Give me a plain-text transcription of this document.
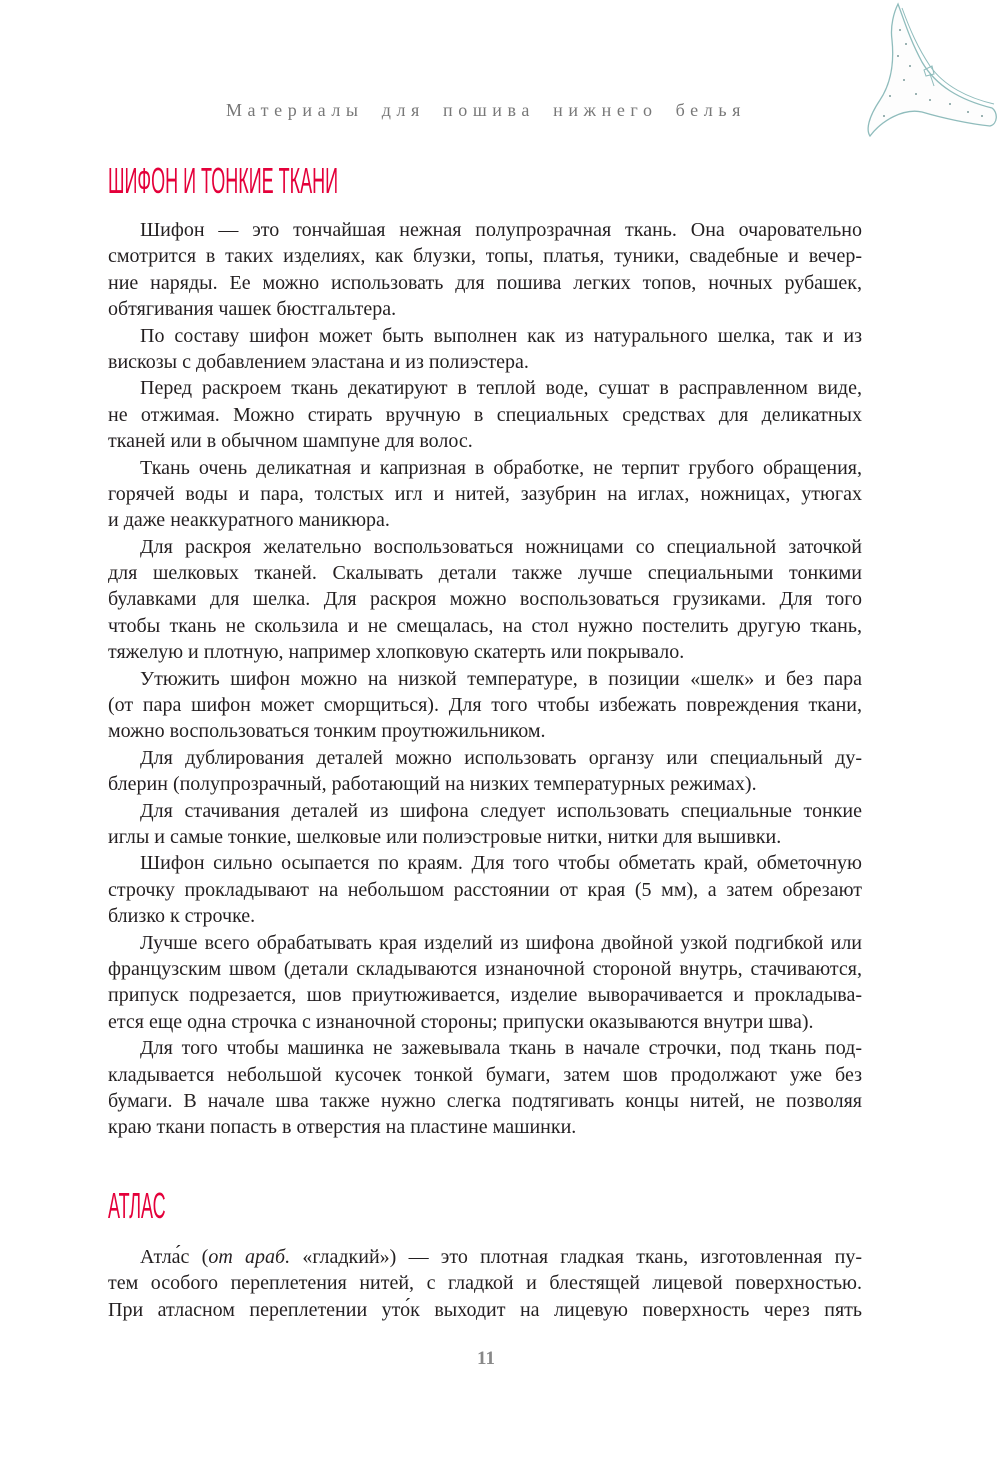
Материалы для пошива нижнего белья
ШИФОН И ТОНКИЕ ТКАНИ
Шифон — это тончайшая нежная полупрозрачная ткань. Она очаровательно
смотрится в таких изделиях, как блузки, топы, платья, туники, свадебные и вечер-
ние наряды. Ее можно использовать для пошива легких топов, ночных рубашек,
обтягивания чашек бюстгальтера.
По составу шифон может быть выполнен как из натурального шелка, так и из
вискозы с добавлением эластана и из полиэстера.
Перед раскроем ткань декатируют в теплой воде, сушат в расправленном виде,
не отжимая. Можно стирать вручную в специальных средствах для деликатных
тканей или в обычном шампуне для волос.
Ткань очень деликатная и капризная в обработке, не терпит грубого обращения,
горячей воды и пара, толстых игл и нитей, зазубрин на иглах, ножницах, утюгах
и даже неаккуратного маникюра.
Для раскроя желательно воспользоваться ножницами со специальной заточкой
для шелковых тканей. Скалывать детали также лучше специальными тонкими
булавками для шелка. Для раскроя можно воспользоваться грузиками. Для того
чтобы ткань не скользила и не смещалась, на стол нужно постелить другую ткань,
тяжелую и плотную, например хлопковую скатерть или покрывало.
Утюжить шифон можно на низкой температуре, в позиции «шелк» и без пара
(от пара шифон может сморщиться). Для того чтобы избежать повреждения ткани,
можно воспользоваться тонким проутюжильником.
Для дублирования деталей можно использовать органзу или специальный ду-
блерин (полупрозрачный, работающий на низких температурных режимах).
Для стачивания деталей из шифона следует использовать специальные тонкие
иглы и самые тонкие, шелковые или полиэстровые нитки, нитки для вышивки.
Шифон сильно осыпается по краям. Для того чтобы обметать край, обметочную
строчку прокладывают на небольшом расстоянии от края (5 мм), а затем обрезают
близко к строчке.
Лучше всего обрабатывать края изделий из шифона двойной узкой подгибкой или
французским швом (детали складываются изнаночной стороной внутрь, стачиваются,
припуск подрезается, шов приутюживается, изделие выворачивается и прокладыва-
ется еще одна строчка с изнаночной стороны; припуски оказываются внутри шва).
Для того чтобы машинка не зажевывала ткань в начале строчки, под ткань под-
кладывается небольшой кусочек тонкой бумаги, затем шов продолжают уже без
бумаги. В начале шва также нужно слегка подтягивать концы нитей, не позволяя
краю ткани попасть в отверстия на пластине машинки.
АТЛАС
Атла́с (от араб. «гладкий») — это плотная гладкая ткань, изготовленная пу-
тем особого переплетения нитей, с гладкой и блестящей лицевой поверхностью.
При атласном переплетении уто́к выходит на лицевую поверхность через пять
11
